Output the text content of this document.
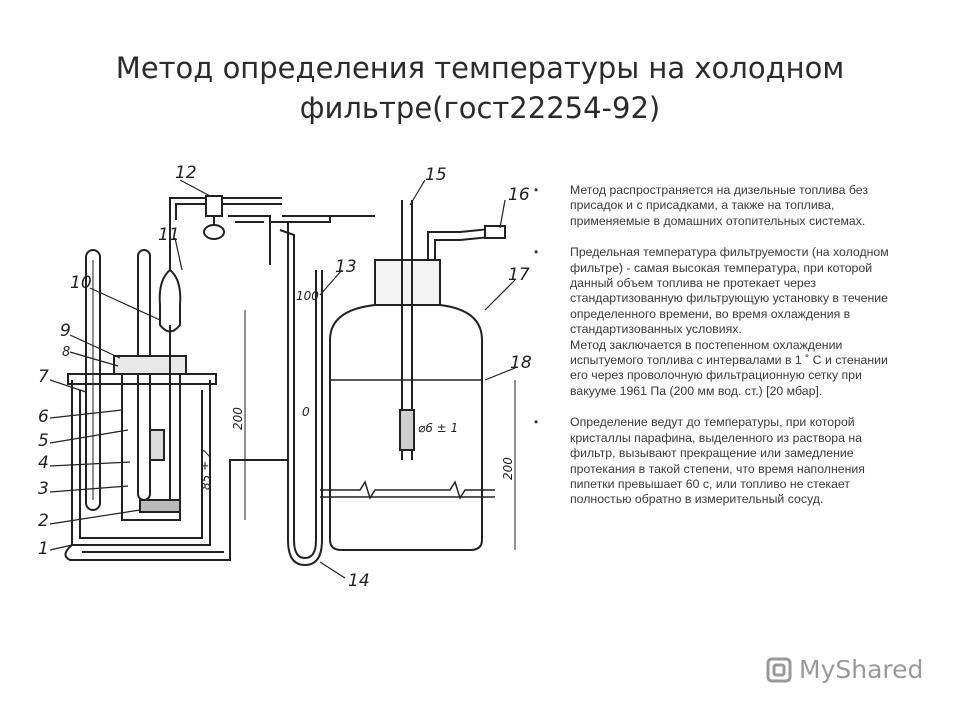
Метод определения температуры на холодном
фильтре(гост22254-92)
12
11
10
9
8
7
6
5
4
3
2
1
13
14
15
16
17
18
200
85 ± 2
100
0
⌀6 ± 1
200
•	Метод распространяется на дизельные топлива без присадок и с присадками, а также на топлива, применяемые в домашних отопительных системах.
•	Предельная температура фильтруемости (на холодном фильтре) - самая высокая температура, при которой данный объем топлива не протекает через стандартизованную фильтрующую установку в течение определенного времени, во время охлаждения в стандартизованных условиях.
Метод заключается в постепенном охлаждении испытуемого топлива с интервалами в 1 ˚ С и стенании его через проволочную фильтрационную сетку при вакууме 1961 Па (200 мм вод. ст.) [20 мбар].
•	Определение ведут до температуры, при которой кристаллы парафина, выделенного из раствора на фильтр, вызывают прекращение или замедление протекания в такой степени, что время наполнения пипетки превышает 60 с, или топливо не стекает полностью обратно в измерительный сосуд.
MyShared
